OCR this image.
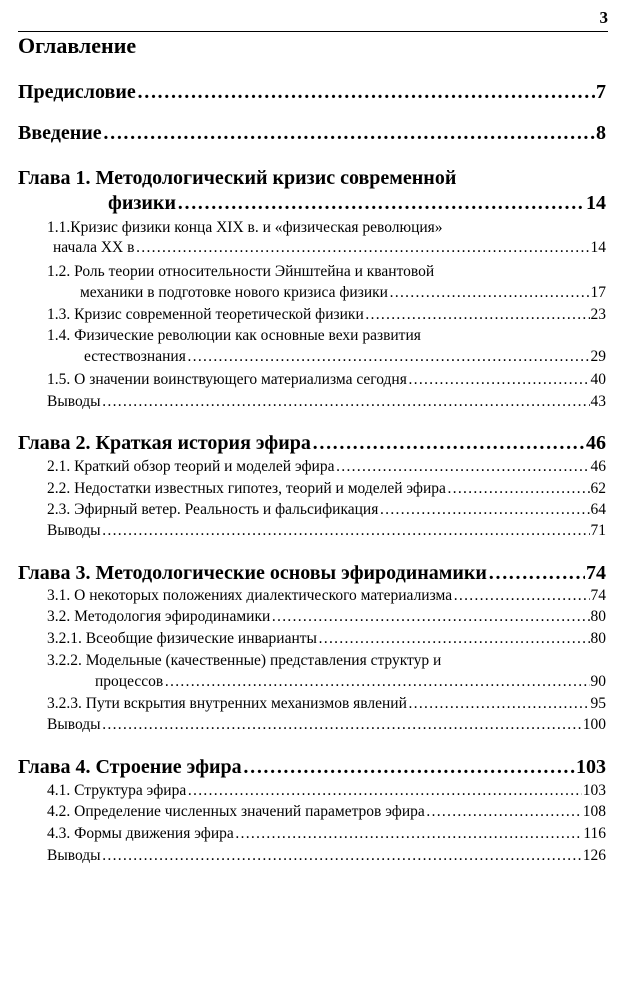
3
Оглавление
Предисловие ……………………………………………………………………………………………………………………………………………………………	7
Введение ……………………………………………………………………………………………………………………………………………………………	8
Глава 1. Методологический кризис современной
физики ……………………………………………………………………………………………………………………………………………………………	14
1.1.Кризис физики конца XIX в. и «физическая революция»
начала XX в ……………………………………………………………………………………………………………………………………………………………	14
1.2. Роль теории относительности Эйнштейна и квантовой
механики в подготовке нового кризиса физики ……………………………………………………………………………………………………………………………………………………………	17
1.3. Кризис современной теоретической физики ……………………………………………………………………………………………………………………………………………………………	23
1.4. Физические революции как основные вехи развития
естествознания ……………………………………………………………………………………………………………………………………………………………	29
1.5. О значении воинствующего материализма сегодня ……………………………………………………………………………………………………………………………………………………………	40
Выводы ……………………………………………………………………………………………………………………………………………………………	43
Глава 2. Краткая история эфира ……………………………………………………………………………………………………………………………………………………………	46
2.1. Краткий обзор теорий и моделей эфира ……………………………………………………………………………………………………………………………………………………………	46
2.2. Недостатки известных гипотез, теорий и моделей эфира ……………………………………………………………………………………………………………………………………………………………	62
2.3. Эфирный ветер. Реальность и фальсификация ……………………………………………………………………………………………………………………………………………………………	64
Выводы ……………………………………………………………………………………………………………………………………………………………	71
Глава 3. Методологические основы эфиродинамики ……………………………………………………………………………………………………………………………………………………………	74
3.1. О некоторых положениях диалектического материализма ……………………………………………………………………………………………………………………………………………………………	74
3.2. Методология эфиродинамики ……………………………………………………………………………………………………………………………………………………………	80
3.2.1. Всеобщие физические инварианты ……………………………………………………………………………………………………………………………………………………………	80
3.2.2. Модельные (качественные) представления структур и
процессов ……………………………………………………………………………………………………………………………………………………………	90
3.2.3. Пути вскрытия внутренних механизмов явлений ……………………………………………………………………………………………………………………………………………………………	95
Выводы ……………………………………………………………………………………………………………………………………………………………	100
Глава 4. Строение эфира ……………………………………………………………………………………………………………………………………………………………	103
4.1. Структура эфира ……………………………………………………………………………………………………………………………………………………………	103
4.2. Определение численных значений параметров эфира ……………………………………………………………………………………………………………………………………………………………	108
4.3. Формы движения эфира ……………………………………………………………………………………………………………………………………………………………	116
Выводы ……………………………………………………………………………………………………………………………………………………………	126
